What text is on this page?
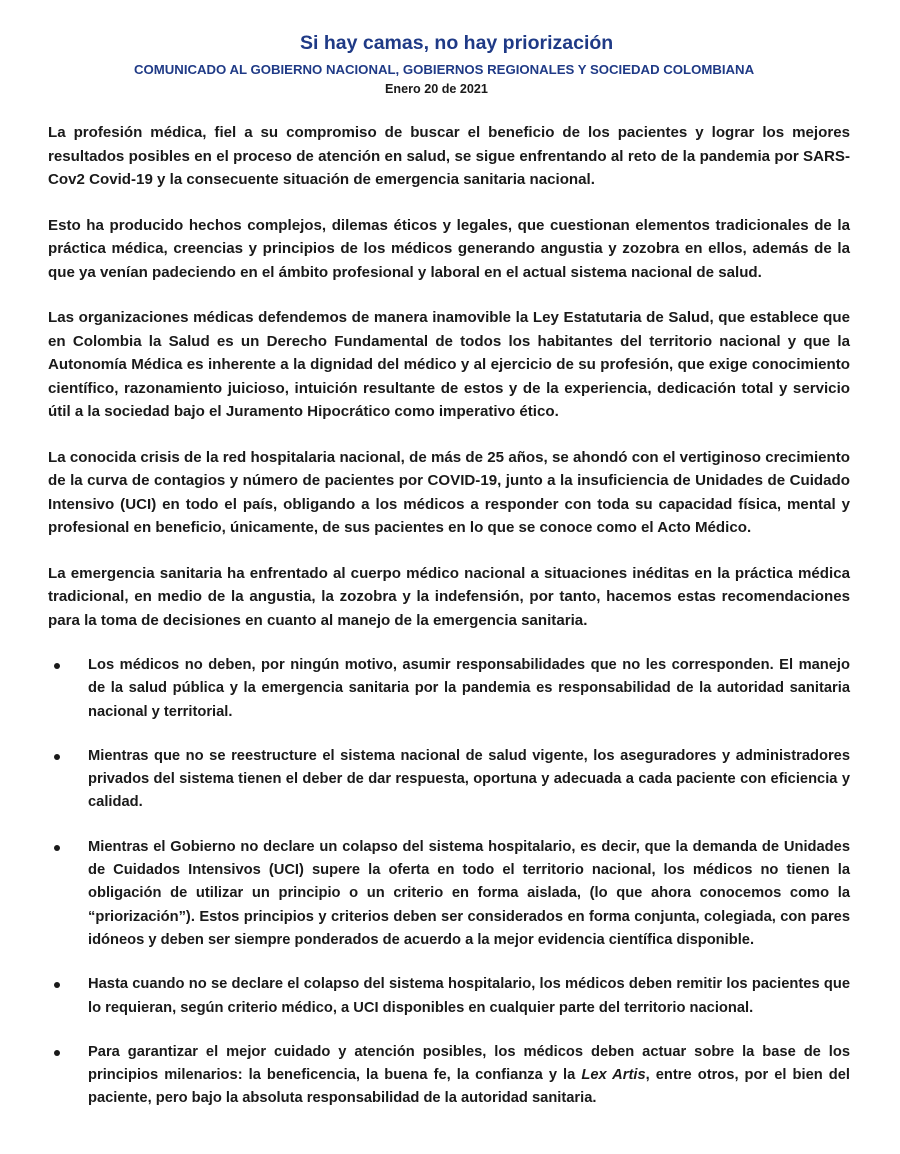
Si hay camas, no hay priorización
COMUNICADO AL GOBIERNO NACIONAL, GOBIERNOS REGIONALES Y SOCIEDAD COLOMBIANA
Enero 20 de 2021

La profesión médica, fiel a su compromiso de buscar el beneficio de los pacientes y lograr los mejores resultados posibles en el proceso de atención en salud, se sigue enfrentando al reto de la pandemia por SARS-Cov2 Covid-19 y la consecuente situación de emergencia sanitaria nacional.

Esto ha producido hechos complejos, dilemas éticos y legales, que cuestionan elementos tradicionales de la práctica médica, creencias y principios de los médicos generando angustia y zozobra en ellos, además de la que ya venían padeciendo en el ámbito profesional y laboral en el actual sistema nacional de salud.

Las organizaciones médicas defendemos de manera inamovible la Ley Estatutaria de Salud, que establece que en Colombia la Salud es un Derecho Fundamental de todos los habitantes del territorio nacional y que la Autonomía Médica es inherente a la dignidad del médico y al ejercicio de su profesión, que exige conocimiento científico, razonamiento juicioso, intuición resultante de estos y de la experiencia, dedicación total y servicio útil a la sociedad bajo el Juramento Hipocrático como imperativo ético.

La conocida crisis de la red hospitalaria nacional, de más de 25 años, se ahondó con el vertiginoso crecimiento de la curva de contagios y número de pacientes por COVID-19, junto a la insuficiencia de Unidades de Cuidado Intensivo (UCI) en todo el país, obligando a los médicos a responder con toda su capacidad física, mental y profesional en beneficio, únicamente, de sus pacientes en lo que se conoce como el Acto Médico.

La emergencia sanitaria ha enfrentado al cuerpo médico nacional a situaciones inéditas en la práctica médica tradicional, en medio de la angustia, la zozobra y la indefensión, por tanto, hacemos estas recomendaciones para la toma de decisiones en cuanto al manejo de la emergencia sanitaria.

Los médicos no deben, por ningún motivo, asumir responsabilidades que no les corresponden. El manejo de la salud pública y la emergencia sanitaria por la pandemia es responsabilidad de la autoridad sanitaria nacional y territorial.
Mientras que no se reestructure el sistema nacional de salud vigente, los aseguradores y administradores privados del sistema tienen el deber de dar respuesta, oportuna y adecuada a cada paciente con eficiencia y calidad.
Mientras el Gobierno no declare un colapso del sistema hospitalario, es decir, que la demanda de Unidades de Cuidados Intensivos (UCI) supere la oferta en todo el territorio nacional, los médicos no tienen la obligación de utilizar un principio o un criterio en forma aislada, (lo que ahora conocemos como la “priorización”). Estos principios y criterios deben ser considerados en forma conjunta, colegiada, con pares idóneos y deben ser siempre ponderados de acuerdo a la mejor evidencia científica disponible.
Hasta cuando no se declare el colapso del sistema hospitalario, los médicos deben remitir los pacientes que lo requieran, según criterio médico, a UCI disponibles en cualquier parte del territorio nacional.
Para garantizar el mejor cuidado y atención posibles, los médicos deben actuar sobre la base de los principios milenarios: la beneficencia, la buena fe, la confianza y la Lex Artis, entre otros, por el bien del paciente, pero bajo la absoluta responsabilidad de la autoridad sanitaria.
